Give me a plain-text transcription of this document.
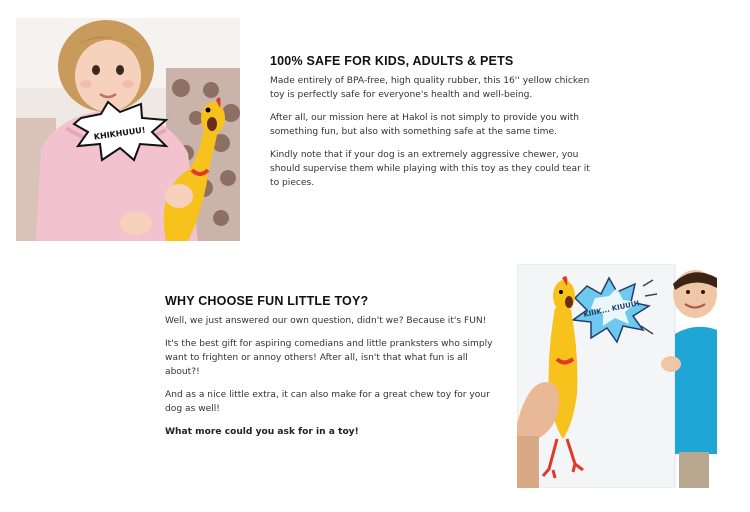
KHIKHUUU!
100% SAFE FOR KIDS, ADULTS & PETS

Made entirely of BPA-free, high quality rubber, this 16'' yellow chicken toy is perfectly safe for everyone's health and well-being.

After all, our mission here at Hakol is not simply to provide you with something fun, but also with something safe at the same time.

Kindly note that if your dog is an extremely aggressive chewer, you should supervise them while playing with this toy as they could tear it to pieces.

WHY CHOOSE FUN LITTLE TOY?

Well, we just answered our own question, didn't we? Because it's FUN!

It's the best gift for aspiring comedians and little pranksters who simply want to frighten or annoy others! After all, isn't that what fun is all about?!

And as a nice little extra, it can also make for a great chew toy for your dog as well!

What more could you ask for in a toy!

KIIIK... KIUUU!
